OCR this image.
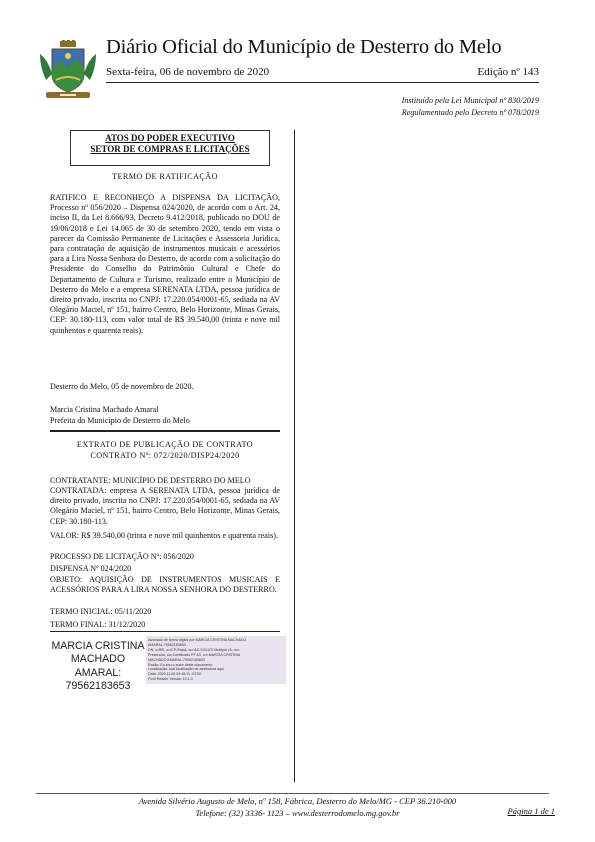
Diário Oficial do Município de Desterro do Melo
Sexta-feira, 06 de novembro de 2020	Edição nº 143
Instituído pela Lei Municipal nº 830/2019
Regulamentado pelo Decreto nº 078/2019
ATOS DO PODER EXECUTIVO
SETOR DE COMPRAS E LICITAÇÕES
TERMO DE RATIFICAÇÃO
RATIFICO E RECONHEÇO A DISPENSA DA LICITAÇÃO, Processo nº 056/2020 – Dispensa 024/2020, de acordo com o Art. 24, inciso II, da Lei 8.666/93, Decreto 9.412/2018, publicado no DOU de 19/06/2018 e Lei 14.065 de 30 de setembro 2020, tendo em vista o parecer da Comissão Permanente de Licitações e Assessoria Jurídica, para contratação de aquisição de instrumentos musicais e acessórios para a Lira Nossa Senhora do Desterro, de acordo com a solicitação do Presidente do Conselho do Patrimônio Cultural e Chefe do Departamento de Cultura e Turismo, realizado entre o Município de Desterro do Melo e a empresa SERENATA LTDA, pessoa jurídica de direito privado, inscrita no CNPJ: 17.220.054/0001-65, sediada na AV Olegário Maciel, nº 151, bairro Centro, Belo Horizonte, Minas Gerais, CEP: 30.180-113, com valor total de R$ 39.540,00 (trinta e nove mil quinhentos e quarenta reais).
Desterro do Melo, 05 de novembro de 2020.
Marcia Cristina Machado Amaral
Prefeita do Município de Desterro do Melo
EXTRATO DE PUBLICAÇÃO DE CONTRATO
CONTRATO Nº: 072/2020/DISP24/2020
CONTRATANTE: MUNICÍPIO DE DESTERRO DO MELO
CONTRATADA: empresa A SERENATA LTDA, pessoa jurídica de direito privado, inscrita no CNPJ: 17.220.054/0001-65, sediada na AV Olegário Maciel, nº 151, bairro Centro, Belo Horizonte, Minas Gerais, CEP: 30.180-113.
VALOR: R$ 39.540,00 (trinta e nove mil quinhentos e quarenta reais).
PROCESSO DE LICITAÇÃO Nº: 056/2020
DISPENSA Nº 024/2020
OBJETO: AQUISIÇÃO DE INSTRUMENTOS MUSICAIS E ACESSÓRIOS PARA A LIRA NOSSA SENHORA DO DESTERRO.
TERMO INICIAL: 05/11/2020
TERMO FINAL: 31/12/2020
MARCIA CRISTINA
MACHADO AMARAL:
79562183653
Assinado de forma digital por MARCIA CRISTINA MACHADO
AMARAL:79562183653
DN: c=BR, o=ICP-Brasil, ou=AC SOLUTI Multipla v5, ou=
Presencial, ou=Certificado PF A3, cn=MARCIA CRISTINA
MACHADO AMARAL:79562183653
Razão: Eu sou o autor deste documento
Localização: sua localização de assinatura aqui
Data: 2020.11.06 09:48:11 -03'00'
Foxit Reader Versão: 10.1.0
Avenida Silvério Augusto de Melo, nº 158, Fábrica, Desterro do Melo/MG - CEP 36.210-000
Telefone: (32) 3336- 1123 – www.desterrodomelo.mg.gov.br	Página 1 de 1
